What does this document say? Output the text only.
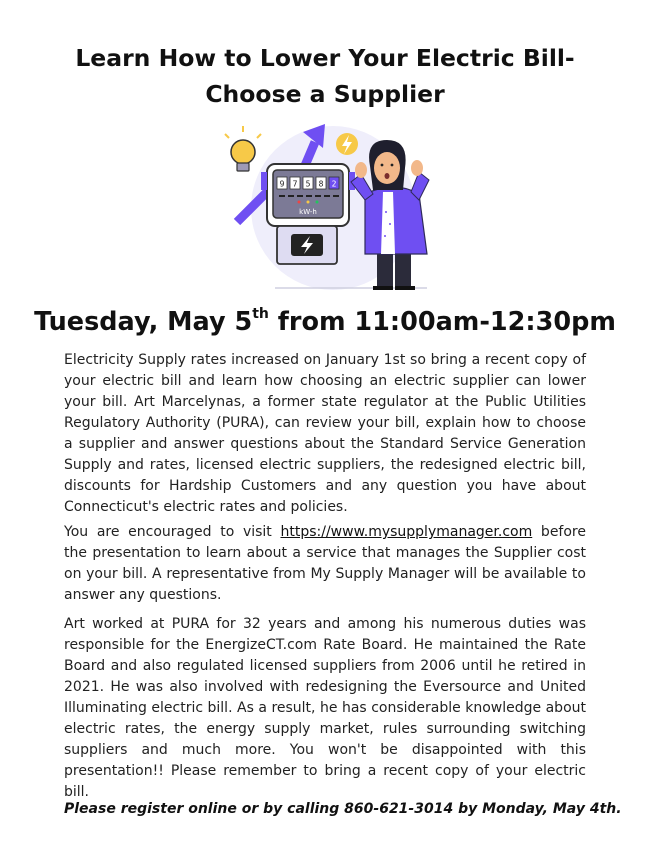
Learn How to Lower Your Electric Bill-
Choose a Supplier
9 7 5 8 2
kW-h
Tuesday, May 5th from 11:00am-12:30pm

Electricity Supply rates increased on January 1st so bring a recent copy of your electric bill and learn how choosing an electric supplier can lower your bill. Art Marcelynas, a former state regulator at the Public Utilities Regulatory Authority (PURA), can review your bill, explain how to choose a supplier and answer questions about the Standard Service Generation Supply and rates, licensed electric suppliers, the redesigned electric bill, discounts for Hardship Customers and any question you have about Connecticut's electric rates and policies.

You are encouraged to visit https://www.mysupplymanager.com before the presentation to learn about a service that manages the Supplier cost on your bill. A representative from My Supply Manager will be available to answer any questions.

Art worked at PURA for 32 years and among his numerous duties was responsible for the EnergizeCT.com Rate Board. He maintained the Rate Board and also regulated licensed suppliers from 2006 until he retired in 2021. He was also involved with redesigning the Eversource and United Illuminating electric bill. As a result, he has considerable knowledge about electric rates, the energy supply market, rules surrounding switching suppliers and much more. You won't be disappointed with this presentation!! Please remember to bring a recent copy of your electric bill.

Please register online or by calling 860-621-3014 by Monday, May 4th.
